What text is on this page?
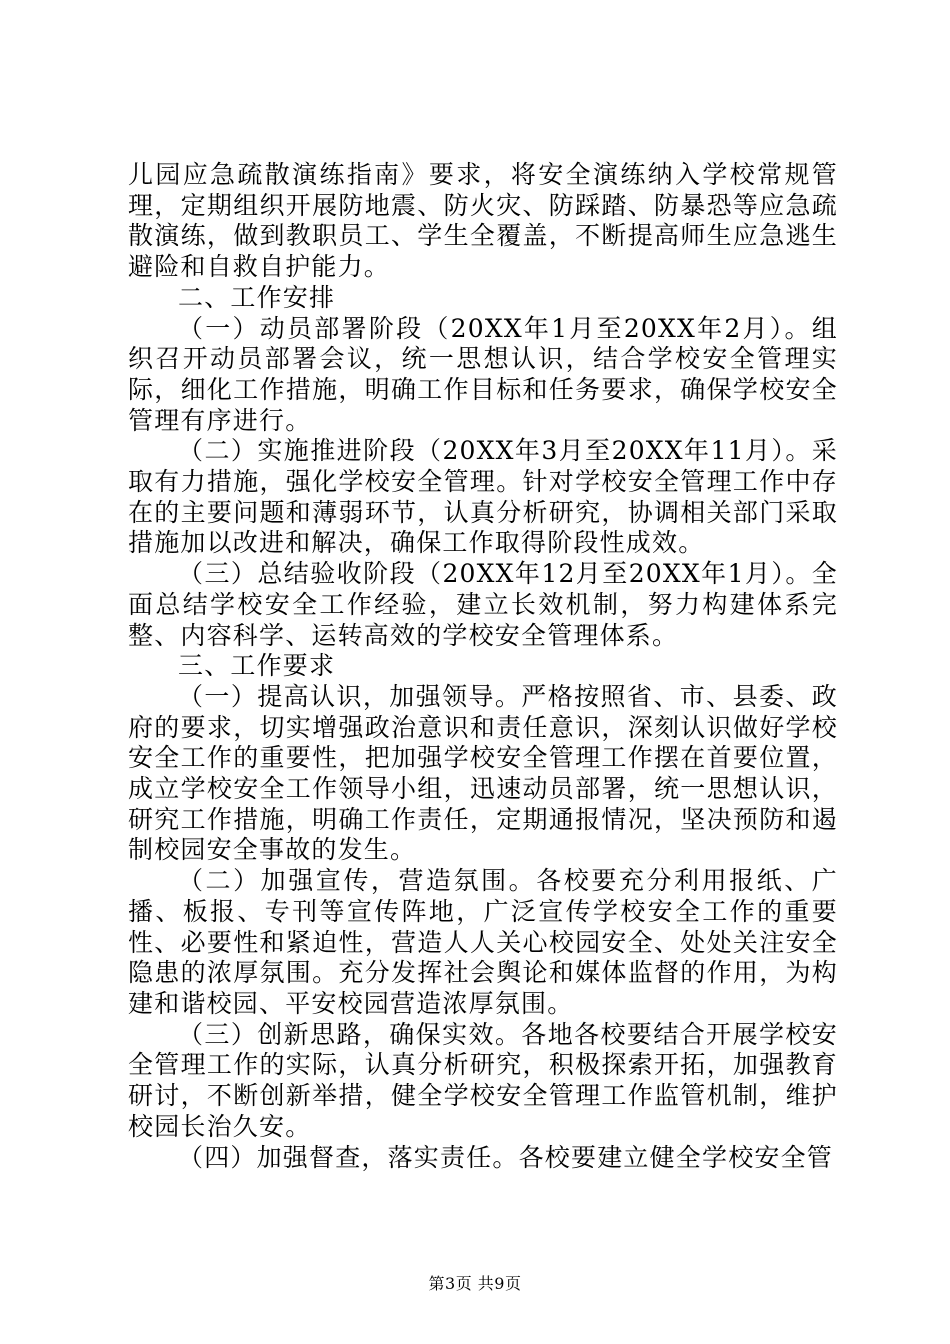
儿园应急疏散演练指南》要求，将安全演练纳入学校常规管理，定期组织开展防地震、防火灾、防踩踏、防暴恐等应急疏散演练，做到教职员工、学生全覆盖，不断提高师生应急逃生避险和自救自护能力。

二、工作安排

（一）动员部署阶段（20XX年1月至20XX年2月）。组织召开动员部署会议，统一思想认识，结合学校安全管理实际，细化工作措施，明确工作目标和任务要求，确保学校安全管理有序进行。

（二）实施推进阶段（20XX年3月至20XX年11月）。采取有力措施，强化学校安全管理。针对学校安全管理工作中存在的主要问题和薄弱环节，认真分析研究，协调相关部门采取措施加以改进和解决，确保工作取得阶段性成效。

（三）总结验收阶段（20XX年12月至20XX年1月）。全面总结学校安全工作经验，建立长效机制，努力构建体系完整、内容科学、运转高效的学校安全管理体系。

三、工作要求

（一）提高认识，加强领导。严格按照省、市、县委、政府的要求，切实增强政治意识和责任意识，深刻认识做好学校安全工作的重要性，把加强学校安全管理工作摆在首要位置，成立学校安全工作领导小组，迅速动员部署，统一思想认识，研究工作措施，明确工作责任，定期通报情况，坚决预防和遏制校园安全事故的发生。

（二）加强宣传，营造氛围。各校要充分利用报纸、广播、板报、专刊等宣传阵地，广泛宣传学校安全工作的重要性、必要性和紧迫性，营造人人关心校园安全、处处关注安全隐患的浓厚氛围。充分发挥社会舆论和媒体监督的作用，为构建和谐校园、平安校园营造浓厚氛围。

（三）创新思路，确保实效。各地各校要结合开展学校安全管理工作的实际，认真分析研究，积极探索开拓，加强教育研讨，不断创新举措，健全学校安全管理工作监管机制，维护校园长治久安。

（四）加强督查，落实责任。各校要建立健全学校安全管

第3页 共9页
